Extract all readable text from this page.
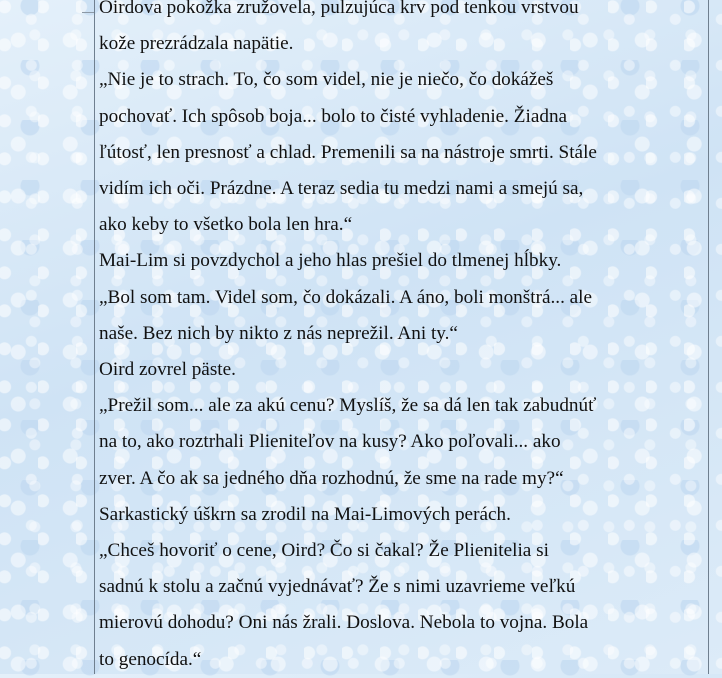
Oirdova pokožka zružovela, pulzujúca krv pod tenkou vrstvou

kože prezrádzala napätie.

„Nie je to strach. To, čo som videl, nie je niečo, čo dokážeš

pochovať. Ich spôsob boja... bolo to čisté vyhladenie. Žiadna

ľútosť, len presnosť a chlad. Premenili sa na nástroje smrti. Stále

vidím ich oči. Prázdne. A teraz sedia tu medzi nami a smejú sa,

ako keby to všetko bola len hra.“

Mai-Lim si povzdychol a jeho hlas prešiel do tlmenej hĺbky.

„Bol som tam. Videl som, čo dokázali. A áno, boli monštrá... ale

naše. Bez nich by nikto z nás neprežil. Ani ty.“

Oird zovrel päste.

„Prežil som... ale za akú cenu? Myslíš, že sa dá len tak zabudnúť

na to, ako roztrhali Plieniteľov na kusy? Ako poľovali... ako

zver. A čo ak sa jedného dňa rozhodnú, že sme na rade my?“

Sarkastický úškrn sa zrodil na Mai-Limových perách.

„Chceš hovoriť o cene, Oird? Čo si čakal? Že Plienitelia si

sadnú k stolu a začnú vyjednávať? Že s nimi uzavrieme veľkú

mierovú dohodu? Oni nás žrali. Doslova. Nebola to vojna. Bola

to genocída.“
